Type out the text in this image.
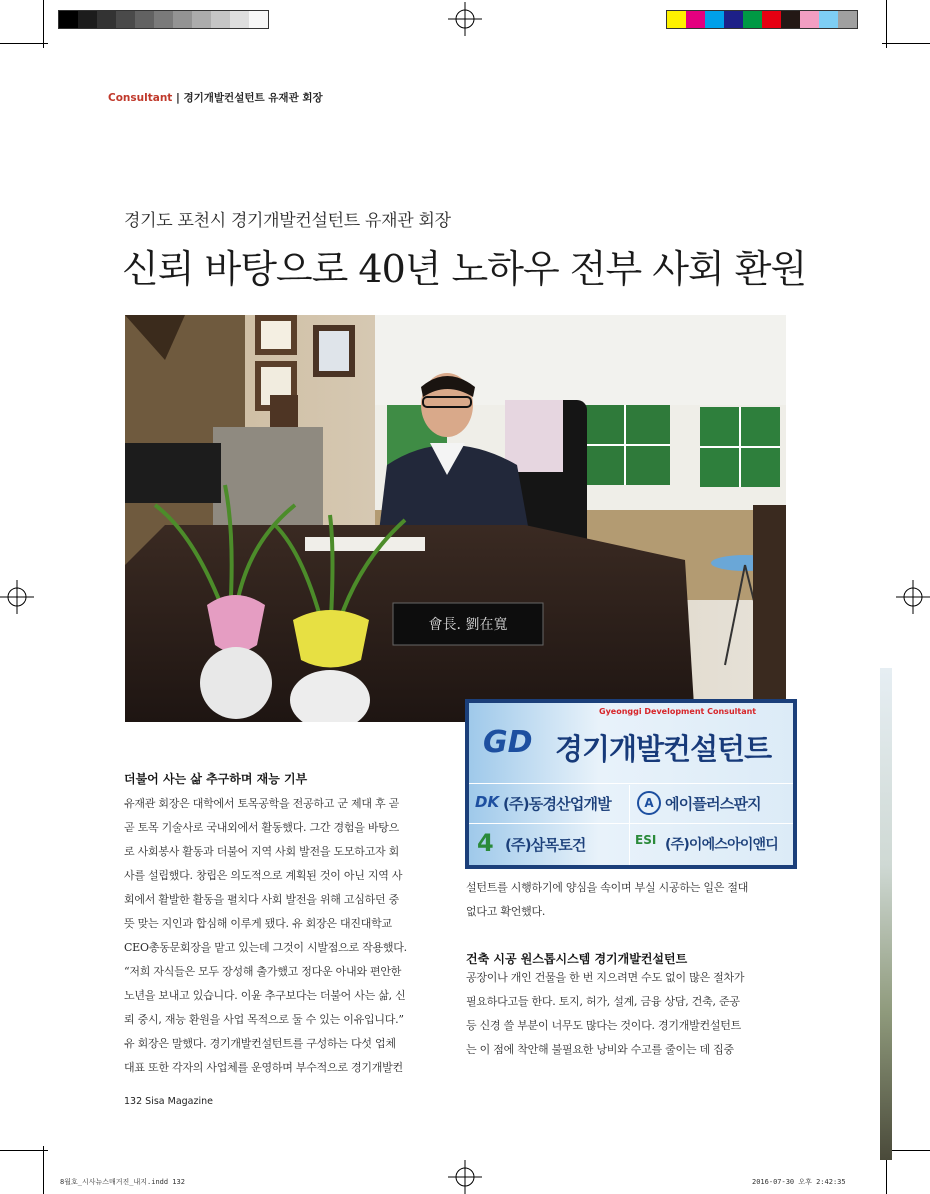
Consultant | 경기개발컨설턴트 유재관 회장
경기도 포천시 경기개발컨설턴트 유재관 회장
신뢰 바탕으로 40년 노하우 전부 사회 환원
會長. 劉在寬
Gyeonggi Development Consultant
GD 경기개발컨설턴트
DK (주)동경산업개발	A 에이플러스판지
4 (주)삼목토건	ESI (주)이에스아이앤디
더불어 사는 삶 추구하며 재능 기부
유재관 회장은 대학에서 토목공학을 전공하고 군 제대 후 곧
곧 토목 기술사로 국내외에서 활동했다. 그간 경험을 바탕으
로 사회봉사 활동과 더불어 지역 사회 발전을 도모하고자 회
사를 설립했다. 창립은 의도적으로 계획된 것이 아닌 지역 사
회에서 활발한 활동을 펼치다 사회 발전을 위해 고심하던 중
뜻 맞는 지인과 합심해 이루게 됐다. 유 회장은 대진대학교
CEO총동문회장을 맡고 있는데 그것이 시발점으로 작용했다.
“저희 자식들은 모두 장성해 출가했고 정다운 아내와 편안한
노년을 보내고 있습니다. 이윤 추구보다는 더불어 사는 삶, 신
뢰 중시, 재능 환원을 사업 목적으로 둘 수 있는 이유입니다.”
유 회장은 말했다. 경기개발컨설턴트를 구성하는 다섯 업체
대표 또한 각자의 사업체를 운영하며 부수적으로 경기개발컨
설턴트를 시행하기에 양심을 속이며 부실 시공하는 일은 절대
없다고 확언했다.
건축 시공 원스톱시스템 경기개발컨설턴트
공장이나 개인 건물을 한 번 지으려면 수도 없이 많은 절차가
필요하다고들 한다. 토지, 허가, 설계, 금융 상담, 건축, 준공
등 신경 쓸 부분이 너무도 많다는 것이다. 경기개발컨설턴트
는 이 점에 착안해 불필요한 낭비와 수고를 줄이는 데 집중
132 Sisa Magazine
8월호_시사뉴스매거진_내지.indd 132	2016-07-30 오후 2:42:35
